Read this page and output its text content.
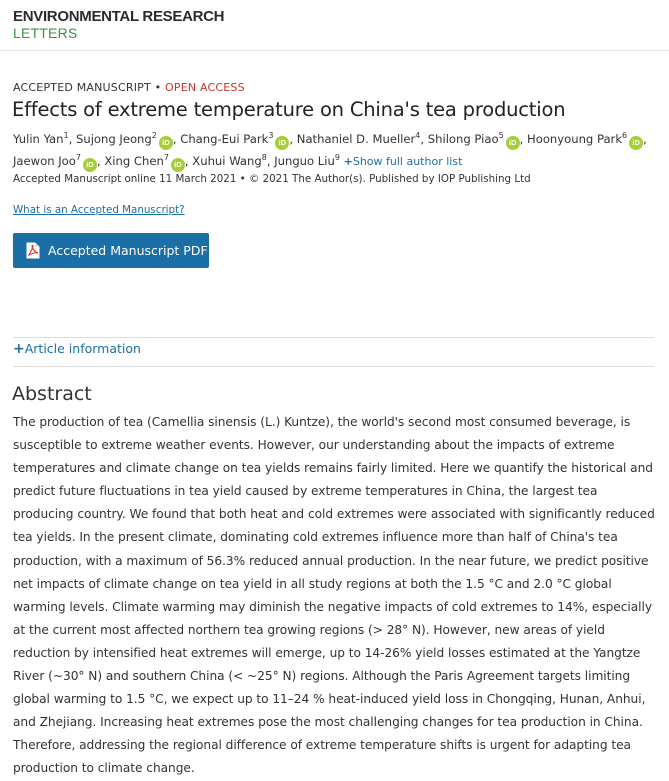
ENVIRONMENTAL RESEARCH
LETTERS
ACCEPTED MANUSCRIPT • OPEN ACCESS
Effects of extreme temperature on China's tea production
Yulin Yan$^1$, Sujong Jeong$^2$iD , Chang-Eui Park$^3$iD , Nathaniel D. Mueller$^4$, Shilong Piao$^5$iD , Hoonyoung Park$^6$iD , Jaewon Joo$^7$iD , Xing Chen$^7$iD , Xuhui Wang$^8$, Junguo Liu$^9$ +Show full author list
Accepted Manuscript online 11 March 2021 • © 2021 The Author(s). Published by IOP Publishing Ltd
What is an Accepted Manuscript?
Accepted Manuscript PDF
+Article information
Abstract

The production of tea (Camellia sinensis (L.) Kuntze), the world's second most consumed beverage, is susceptible to extreme weather events. However, our understanding about the impacts of extreme temperatures and climate change on tea yields remains fairly limited. Here we quantify the historical and predict future fluctuations in tea yield caused by extreme temperatures in China, the largest tea producing country. We found that both heat and cold extremes were associated with significantly reduced tea yields. In the present climate, dominating cold extremes influence more than half of China's tea production, with a maximum of 56.3% reduced annual production. In the near future, we predict positive net impacts of climate change on tea yield in all study regions at both the 1.5 °C and 2.0 °C global warming levels. Climate warming may diminish the negative impacts of cold extremes to 14%, especially at the current most affected northern tea growing regions (> 28° N). However, new areas of yield reduction by intensified heat extremes will emerge, up to 14-26% yield losses estimated at the Yangtze River (~30° N) and southern China (< ~25° N) regions. Although the Paris Agreement targets limiting global warming to 1.5 °C, we expect up to 11–24 % heat-induced yield loss in Chongqing, Hunan, Anhui, and Zhejiang. Increasing heat extremes pose the most challenging changes for tea production in China. Therefore, addressing the regional difference of extreme temperature shifts is urgent for adapting tea production to climate change.
